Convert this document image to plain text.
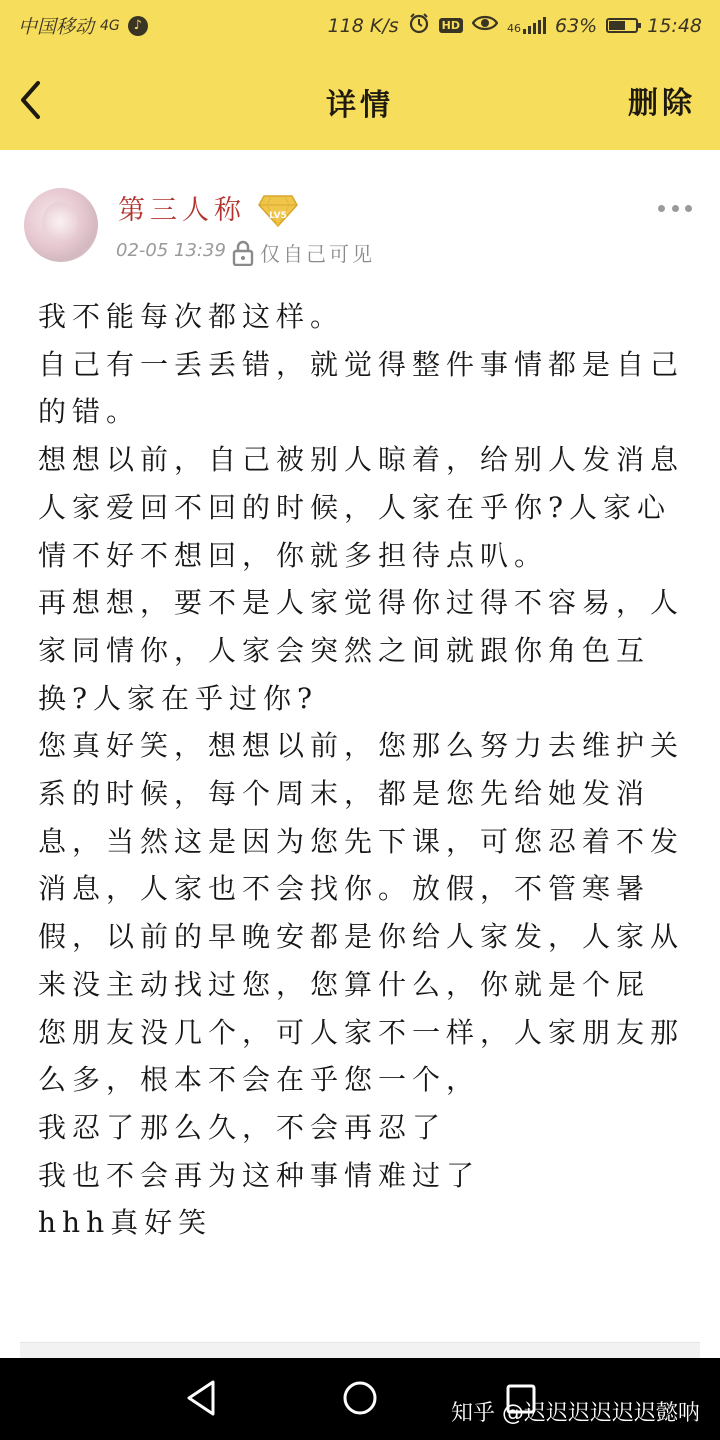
中国移动 4G	♪	118 K/s	HD	46 63%	15:48
详情	删除
第三人称	LV5
02-05 13:39 仅自己可见

我不能每次都这样。

自己有一丢丢错，就觉得整件事情都是自己的错。

想想以前，自己被别人晾着，给别人发消息人家爱回不回的时候，人家在乎你?人家心情不好不想回，你就多担待点叭。

再想想，要不是人家觉得你过得不容易，人家同情你，人家会突然之间就跟你角色互换?人家在乎过你?

您真好笑，想想以前，您那么努力去维护关系的时候，每个周末，都是您先给她发消息，当然这是因为您先下课，可您忍着不发消息，人家也不会找你。放假，不管寒暑假，以前的早晚安都是你给人家发，人家从来没主动找过您，您算什么，你就是个屁

您朋友没几个，可人家不一样，人家朋友那么多，根本不会在乎您一个，

我忍了那么久，不会再忍了

我也不会再为这种事情难过了

hhh真好笑

知乎 @迟迟迟迟迟迟懿呐
